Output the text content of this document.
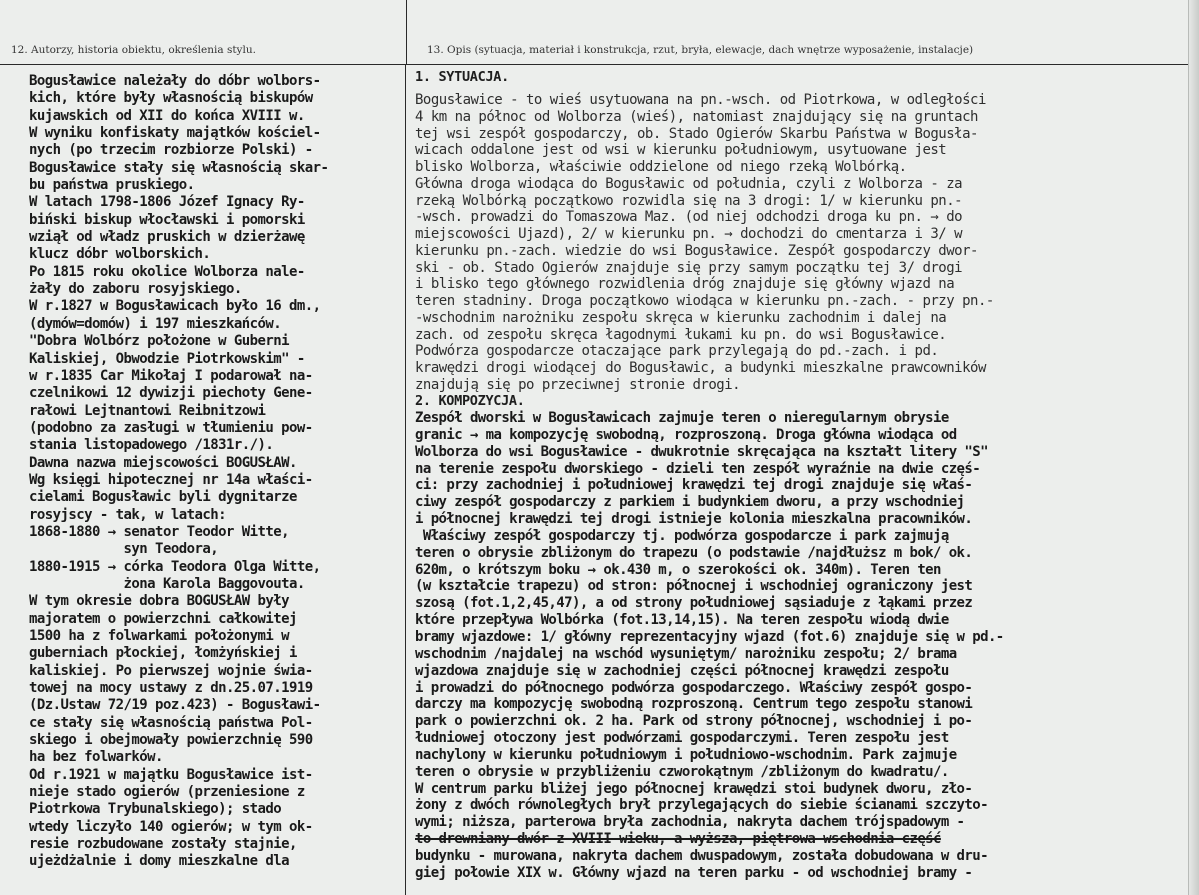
12. Autorzy, historia obiektu, określenia stylu.	13. Opis (sytuacja, materiał i konstrukcja, rzut, bryła, elewacje, dach wnętrze wyposażenie, instalacje)
Bogusławice należały do dóbr wolbors-
kich, które były własnością biskupów
kujawskich od XII do końca XVIII w.
W wyniku konfiskaty majątków kościel-
nych (po trzecim rozbiorze Polski) -
Bogusławice stały się własnością skar-
bu państwa pruskiego.
W latach 1798-1806 Józef Ignacy Ry-
biński biskup włocławski i pomorski
wziął od władz pruskich w dzierżawę
klucz dóbr wolborskich.
Po 1815 roku okolice Wolborza nale-
żały do zaboru rosyjskiego.
W r.1827 w Bogusławicach było 16 dm.,
(dymów=domów) i 197 mieszkańców.
"Dobra Wolbórz położone w Guberni
Kaliskiej, Obwodzie Piotrkowskim" -
w r.1835 Car Mikołaj I podarował na-
czelnikowi 12 dywizji piechoty Gene-
rałowi Lejtnantowi Reibnitzowi
(podobno za zasługi w tłumieniu pow-
stania listopadowego /1831r./).
Dawna nazwa miejscowości BOGUSŁAW.
Wg księgi hipotecznej nr 14a właści-
cielami Bogusławic byli dygnitarze
rosyjscy - tak, w latach:
1868-1880 → senator Teodor Witte,
syn Teodora,
1880-1915 → córka Teodora Olga Witte,
żona Karola Baggovouta.
W tym okresie dobra BOGUSŁAW były
majoratem o powierzchni całkowitej
1500 ha z folwarkami położonymi w
guberniach płockiej, łomżyńskiej i
kaliskiej. Po pierwszej wojnie świa-
towej na mocy ustawy z dn.25.07.1919
(Dz.Ustaw 72/19 poz.423) - Bogusławi-
ce stały się własnością państwa Pol-
skiego i obejmowały powierzchnię 590
ha bez folwarków.
Od r.1921 w majątku Bogusławice ist-
nieje stado ogierów (przeniesione z
Piotrkowa Trybunalskiego); stado
wtedy liczyło 140 ogierów; w tym ok-
resie rozbudowane zostały stajnie,
ujeżdżalnie i domy mieszkalne dla
1. SYTUACJA.
Bogusławice - to wieś usytuowana na pn.-wsch. od Piotrkowa, w odległości
4 km na północ od Wolborza (wieś), natomiast znajdujący się na gruntach
tej wsi zespół gospodarczy, ob. Stado Ogierów Skarbu Państwa w Bogusła-
wicach oddalone jest od wsi w kierunku południowym, usytuowane jest
blisko Wolborza, właściwie oddzielone od niego rzeką Wolbórką.
Główna droga wiodąca do Bogusławic od południa, czyli z Wolborza - za
rzeką Wolbórką początkowo rozwidla się na 3 drogi: 1/ w kierunku pn.-
-wsch. prowadzi do Tomaszowa Maz. (od niej odchodzi droga ku pn. → do
miejscowości Ujazd), 2/ w kierunku pn. → dochodzi do cmentarza i 3/ w
kierunku pn.-zach. wiedzie do wsi Bogusławice. Zespół gospodarczy dwor-
ski - ob. Stado Ogierów znajduje się przy samym początku tej 3/ drogi
i blisko tego głównego rozwidlenia dróg znajduje się główny wjazd na
teren stadniny. Droga początkowo wiodąca w kierunku pn.-zach. - przy pn.-
-wschodnim narożniku zespołu skręca w kierunku zachodnim i dalej na
zach. od zespołu skręca łagodnymi łukami ku pn. do wsi Bogusławice.
Podwórza gospodarcze otaczające park przylegają do pd.-zach. i pd.
krawędzi drogi wiodącej do Bogusławic, a budynki mieszkalne prawcowników
znajdują się po przeciwnej stronie drogi.
2. KOMPOZYCJA.
Zespół dworski w Bogusławicach zajmuje teren o nieregularnym obrysie
granic → ma kompozycję swobodną, rozproszoną. Droga główna wiodąca od
Wolborza do wsi Bogusławice - dwukrotnie skręcająca na kształt litery "S"
na terenie zespołu dworskiego - dzieli ten zespół wyraźnie na dwie częś-
ci: przy zachodniej i południowej krawędzi tej drogi znajduje się właś-
ciwy zespół gospodarczy z parkiem i budynkiem dworu, a przy wschodniej
i północnej krawędzi tej drogi istnieje kolonia mieszkalna pracowników.
Właściwy zespół gospodarczy tj. podwórza gospodarcze i park zajmują
teren o obrysie zbliżonym do trapezu (o podstawie /najdłuższ m bok/ ok.
620m, o krótszym boku → ok.430 m, o szerokości ok. 340m). Teren ten
(w kształcie trapezu) od stron: północnej i wschodniej ograniczony jest
szosą (fot.1,2,45,47), a od strony południowej sąsiaduje z łąkami przez
które przepływa Wolbórka (fot.13,14,15). Na teren zespołu wiodą dwie
bramy wjazdowe: 1/ główny reprezentacyjny wjazd (fot.6) znajduje się w pd.-
wschodnim /najdalej na wschód wysuniętym/ narożniku zespołu; 2/ brama
wjazdowa znajduje się w zachodniej części północnej krawędzi zespołu
i prowadzi do północnego podwórza gospodarczego. Właściwy zespół gospo-
darczy ma kompozycję swobodną rozproszoną. Centrum tego zespołu stanowi
park o powierzchni ok. 2 ha. Park od strony północnej, wschodniej i po-
łudniowej otoczony jest podwórzami gospodarczymi. Teren zespołu jest
nachylony w kierunku południowym i południowo-wschodnim. Park zajmuje
teren o obrysie w przybliżeniu czworokątnym /zbliżonym do kwadratu/.
W centrum parku bliżej jego północnej krawędzi stoi budynek dworu, zło-
żony z dwóch równoległych brył przylegających do siebie ścianami szczyto-
wymi; niższa, parterowa bryła zachodnia, nakryta dachem trójspadowym -
to drewniany dwór z XVIII wieku, a wyższa, piętrowa wschodnia część
budynku - murowana, nakryta dachem dwuspadowym, została dobudowana w dru-
giej połowie XIX w. Główny wjazd na teren parku - od wschodniej bramy -
